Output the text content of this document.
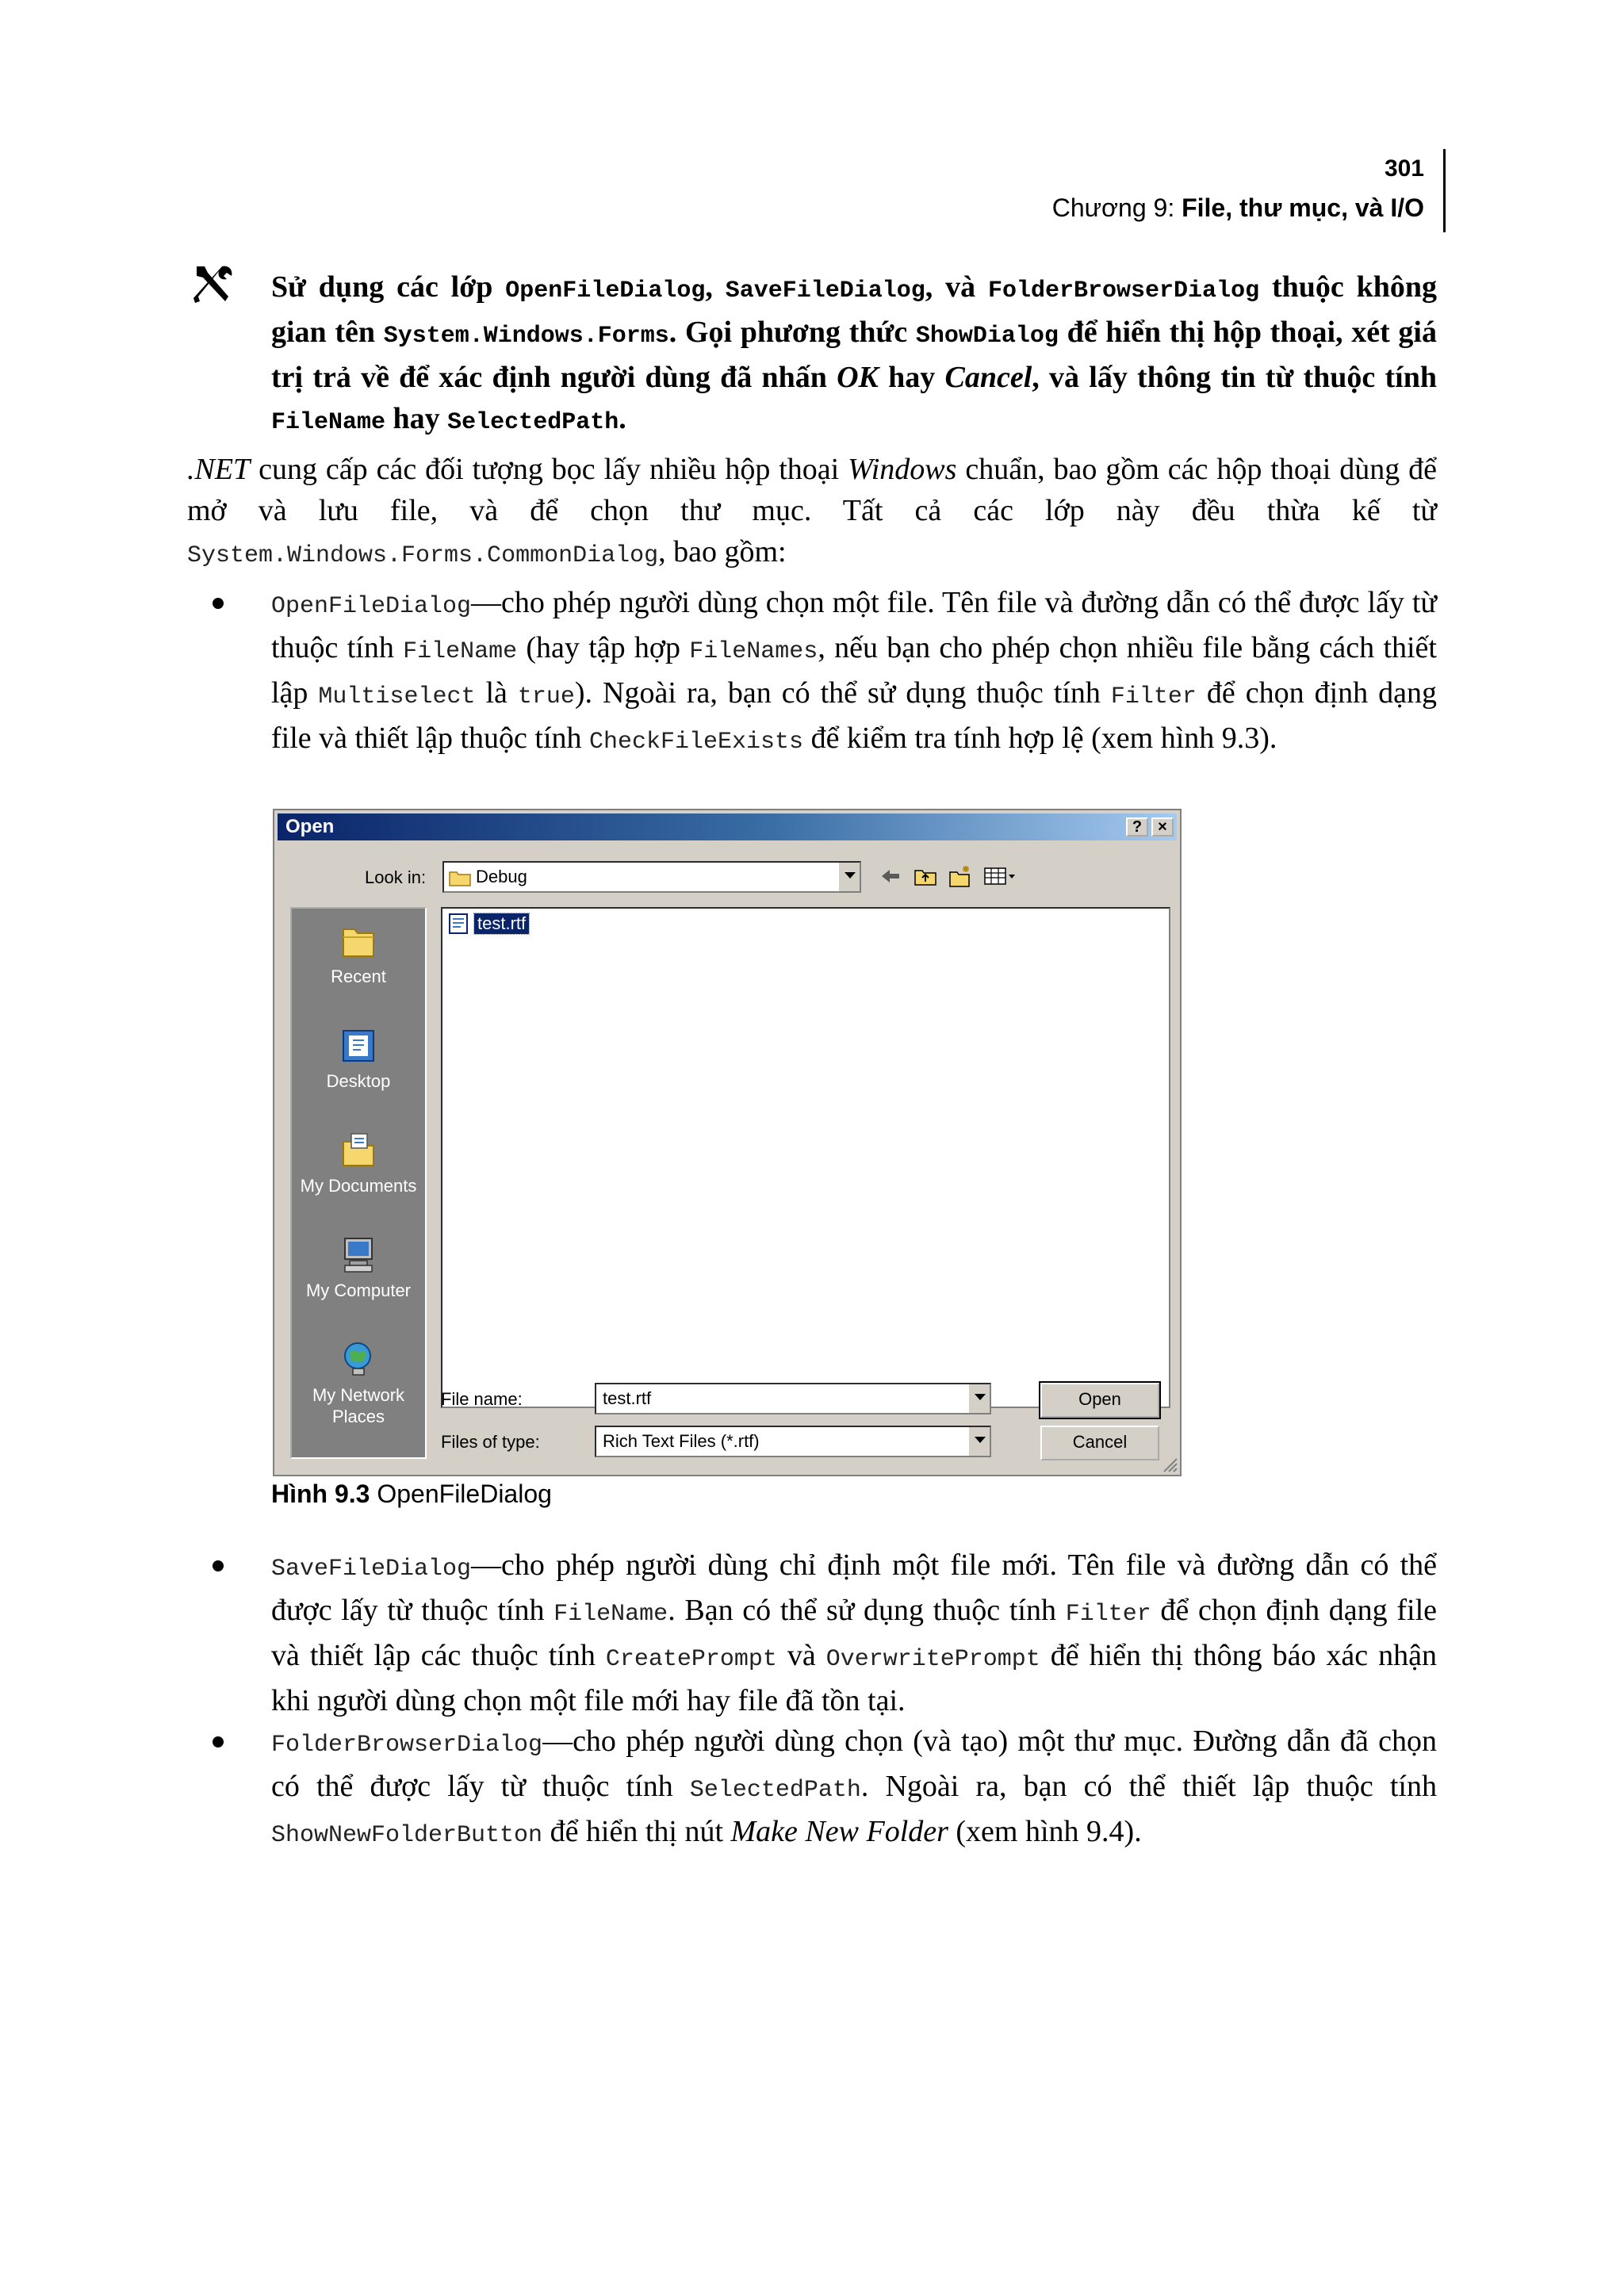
301
Chương 9: File, thư mục, và I/O
Sử dụng các lớp OpenFileDialog, SaveFileDialog, và FolderBrowserDialog thuộc không gian tên System.Windows.Forms. Gọi phương thức ShowDialog để hiển thị hộp thoại, xét giá trị trả về để xác định người dùng đã nhấn OK hay Cancel, và lấy thông tin từ thuộc tính FileName hay SelectedPath.
.NET cung cấp các đối tượng bọc lấy nhiều hộp thoại Windows chuẩn, bao gồm các hộp thoại dùng để mở và lưu file, và để chọn thư mục. Tất cả các lớp này đều thừa kế từ System.Windows.Forms.CommonDialog, bao gồm:
OpenFileDialog—cho phép người dùng chọn một file. Tên file và đường dẫn có thể được lấy từ thuộc tính FileName (hay tập hợp FileNames, nếu bạn cho phép chọn nhiều file bằng cách thiết lập Multiselect là true). Ngoài ra, bạn có thể sử dụng thuộc tính Filter để chọn định dạng file và thiết lập thuộc tính CheckFileExists để kiểm tra tính hợp lệ (xem hình 9.3).
Open	?	×
Look in:	Debug
Recent
Desktop
My Documents
My Computer
My Network Places
test.rtf
File name:	test.rtf
Files of type:	Rich Text Files (*.rtf)
Open
Cancel
Hình 9.3 OpenFileDialog
SaveFileDialog—cho phép người dùng chỉ định một file mới. Tên file và đường dẫn có thể được lấy từ thuộc tính FileName. Bạn có thể sử dụng thuộc tính Filter để chọn định dạng file và thiết lập các thuộc tính CreatePrompt và OverwritePrompt để hiển thị thông báo xác nhận khi người dùng chọn một file mới hay file đã tồn tại.
FolderBrowserDialog—cho phép người dùng chọn (và tạo) một thư mục. Đường dẫn đã chọn có thể được lấy từ thuộc tính SelectedPath. Ngoài ra, bạn có thể thiết lập thuộc tính ShowNewFolderButton để hiển thị nút Make New Folder (xem hình 9.4).
